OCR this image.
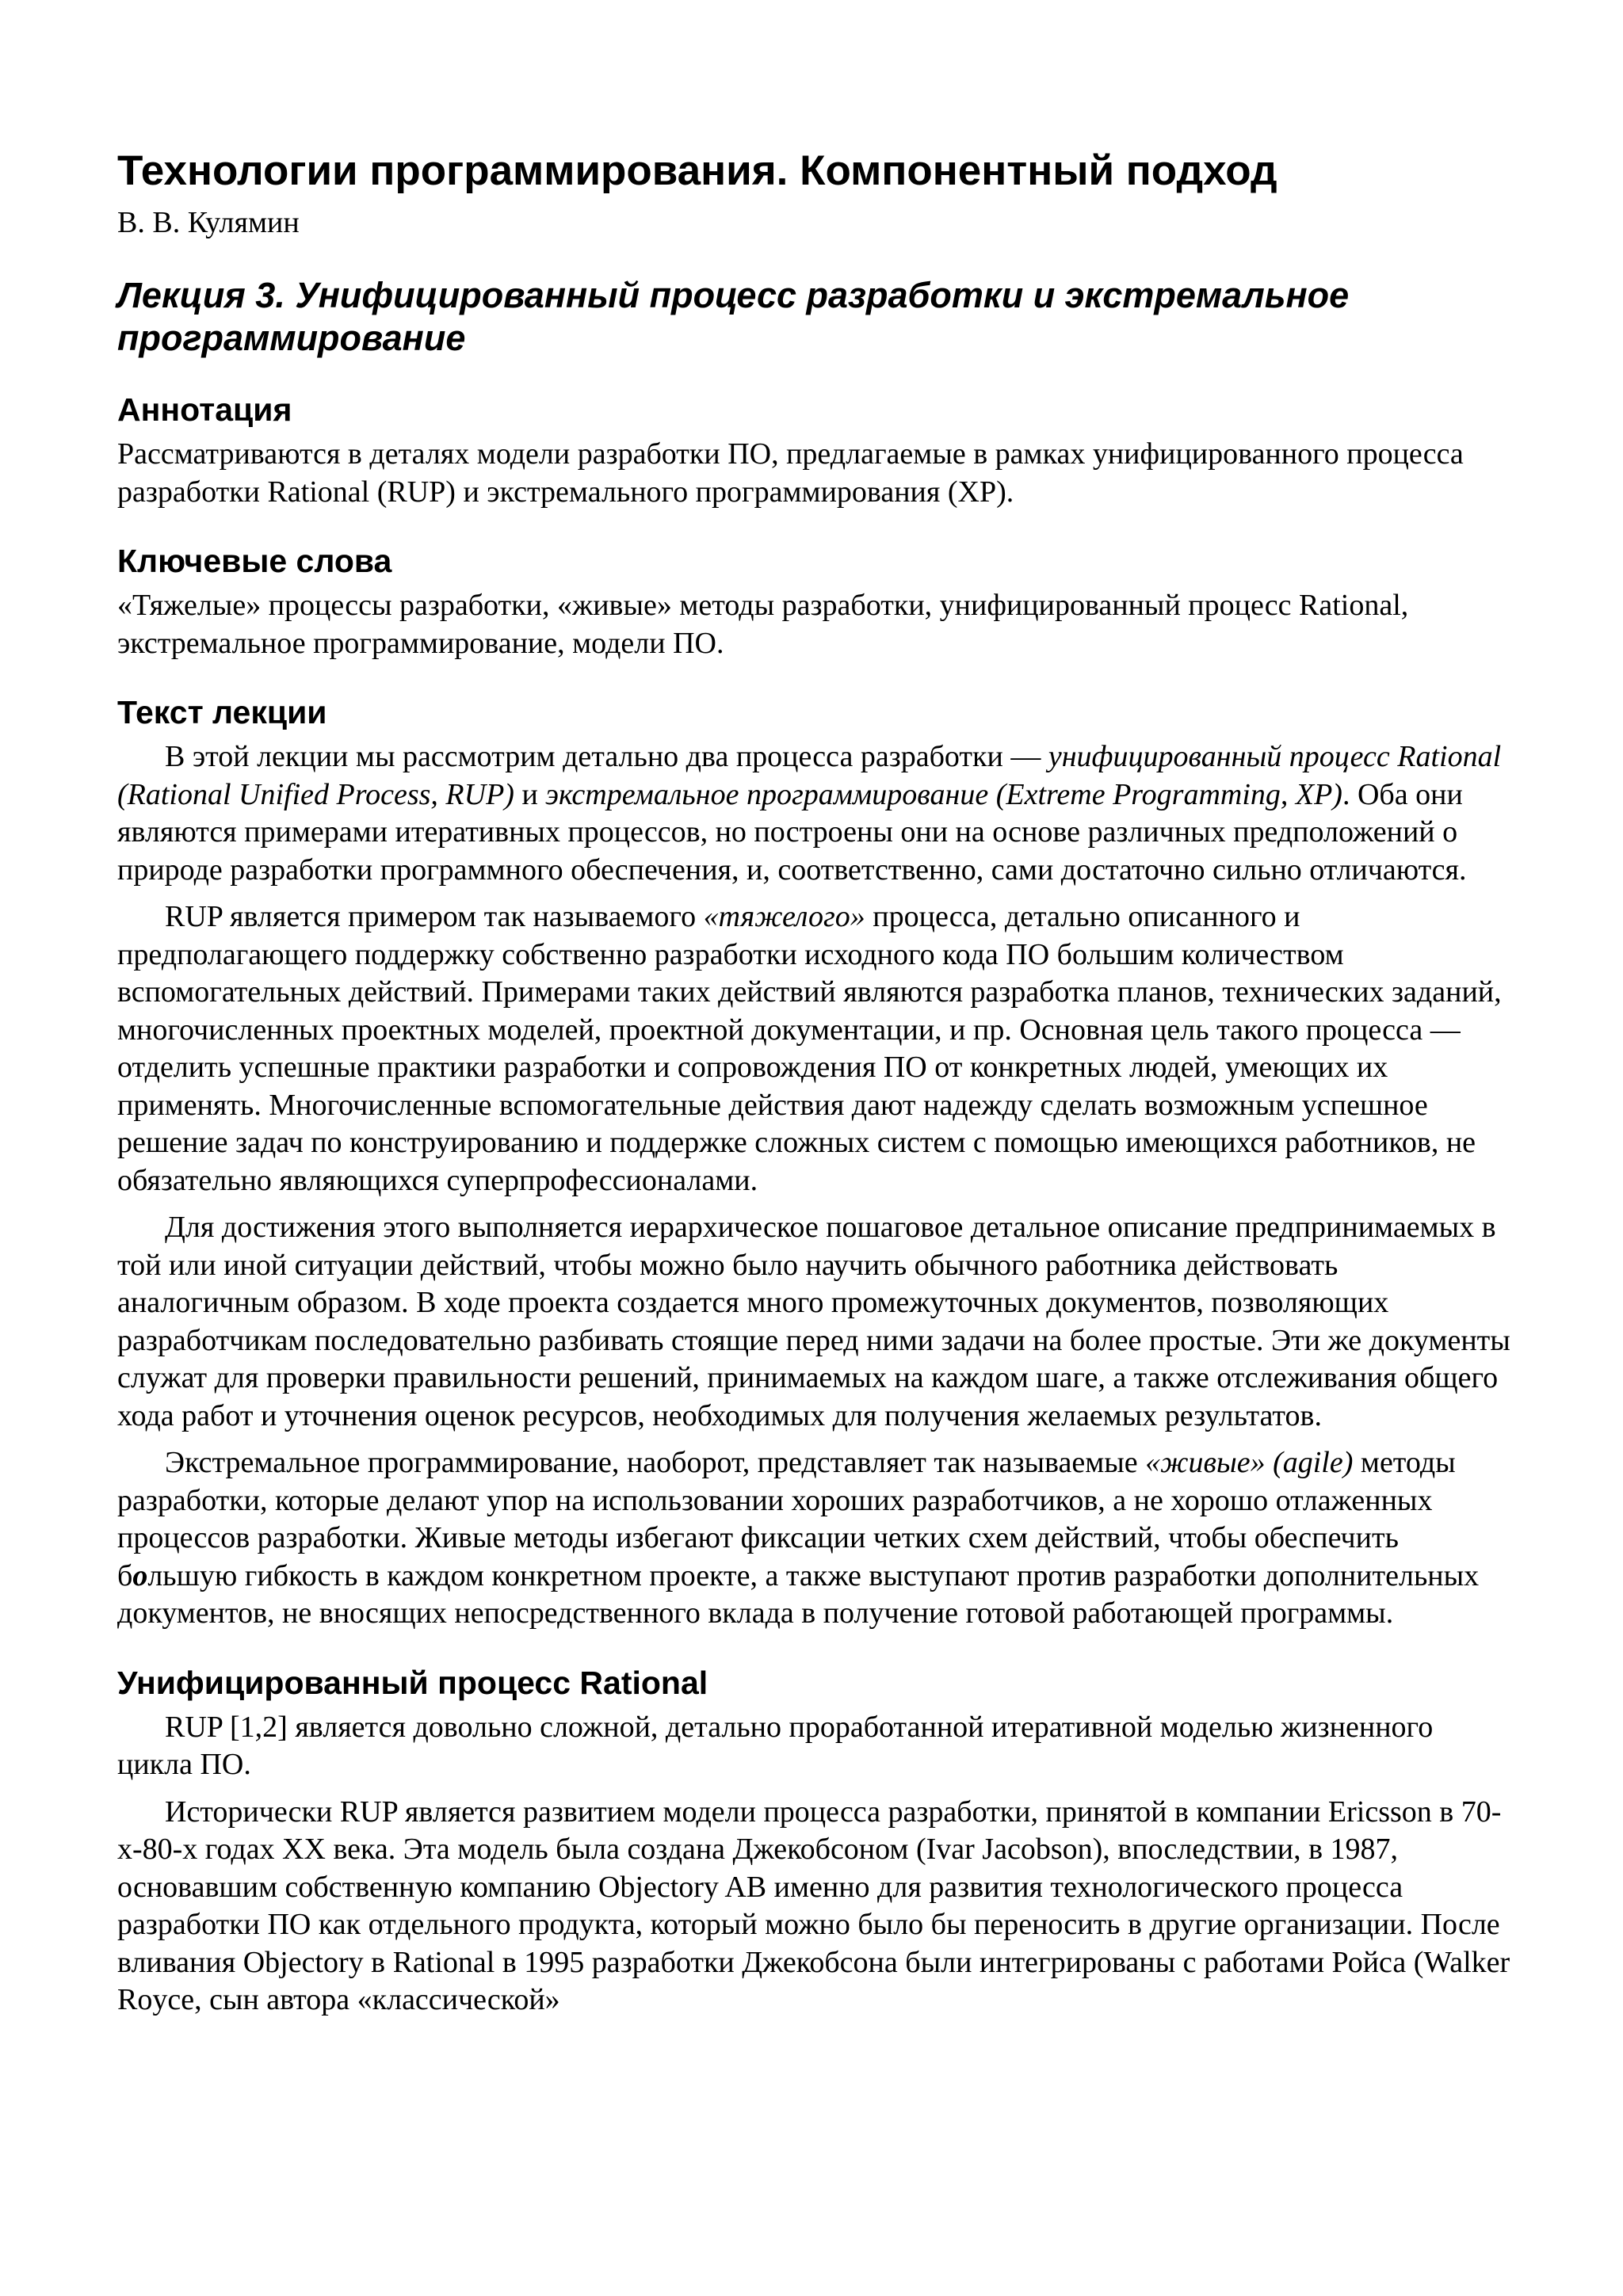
Технологии программирования. Компонентный подход
В. В. Кулямин
Лекция 3. Унифицированный процесс разработки и экстремальное программирование
Аннотация

Рассматриваются в деталях модели разработки ПО, предлагаемые в рамках унифицированного процесса разработки Rational (RUP) и экстремального программирования (XP).

Ключевые слова

«Тяжелые» процессы разработки, «живые» методы разработки, унифицированный процесс Rational, экстремальное программирование, модели ПО.

Текст лекции

В этой лекции мы рассмотрим детально два процесса разработки — унифицированный процесс Rational (Rational Unified Process, RUP) и экстремальное программирование (Extreme Programming, XP). Оба они являются примерами итеративных процессов, но построены они на основе различных предположений о природе разработки программного обеспечения, и, соответственно, сами достаточно сильно отличаются.

RUP является примером так называемого «тяжелого» процесса, детально описанного и предполагающего поддержку собственно разработки исходного кода ПО большим количеством вспомогательных действий. Примерами таких действий являются разработка планов, технических заданий, многочисленных проектных моделей, проектной документации, и пр. Основная цель такого процесса — отделить успешные практики разработки и сопровождения ПО от конкретных людей, умеющих их применять. Многочисленные вспомогательные действия дают надежду сделать возможным успешное решение задач по конструированию и поддержке сложных систем с помощью имеющихся работников, не обязательно являющихся суперпрофессионалами.

Для достижения этого выполняется иерархическое пошаговое детальное описание предпринимаемых в той или иной ситуации действий, чтобы можно было научить обычного работника действовать аналогичным образом. В ходе проекта создается много промежуточных документов, позволяющих разработчикам последовательно разбивать стоящие перед ними задачи на более простые. Эти же документы служат для проверки правильности решений, принимаемых на каждом шаге, а также отслеживания общего хода работ и уточнения оценок ресурсов, необходимых для получения желаемых результатов.

Экстремальное программирование, наоборот, представляет так называемые «живые» (agile) методы разработки, которые делают упор на использовании хороших разработчиков, а не хорошо отлаженных процессов разработки. Живые методы избегают фиксации четких схем действий, чтобы обеспечить большую гибкость в каждом конкретном проекте, а также выступают против разработки дополнительных документов, не вносящих непосредственного вклада в получение готовой работающей программы.

Унифицированный процесс Rational

RUP [1,2] является довольно сложной, детально проработанной итеративной моделью жизненного цикла ПО.

Исторически RUP является развитием модели процесса разработки, принятой в компании Ericsson в 70-х-80-х годах XX века. Эта модель была создана Джекобсоном (Ivar Jacobson), впоследствии, в 1987, основавшим собственную компанию Objectory AB именно для развития технологического процесса разработки ПО как отдельного продукта, который можно было бы переносить в другие организации. После вливания Objectory в Rational в 1995 разработки Джекобсона были интегрированы с работами Ройса (Walker Royce, сын автора «классической»
